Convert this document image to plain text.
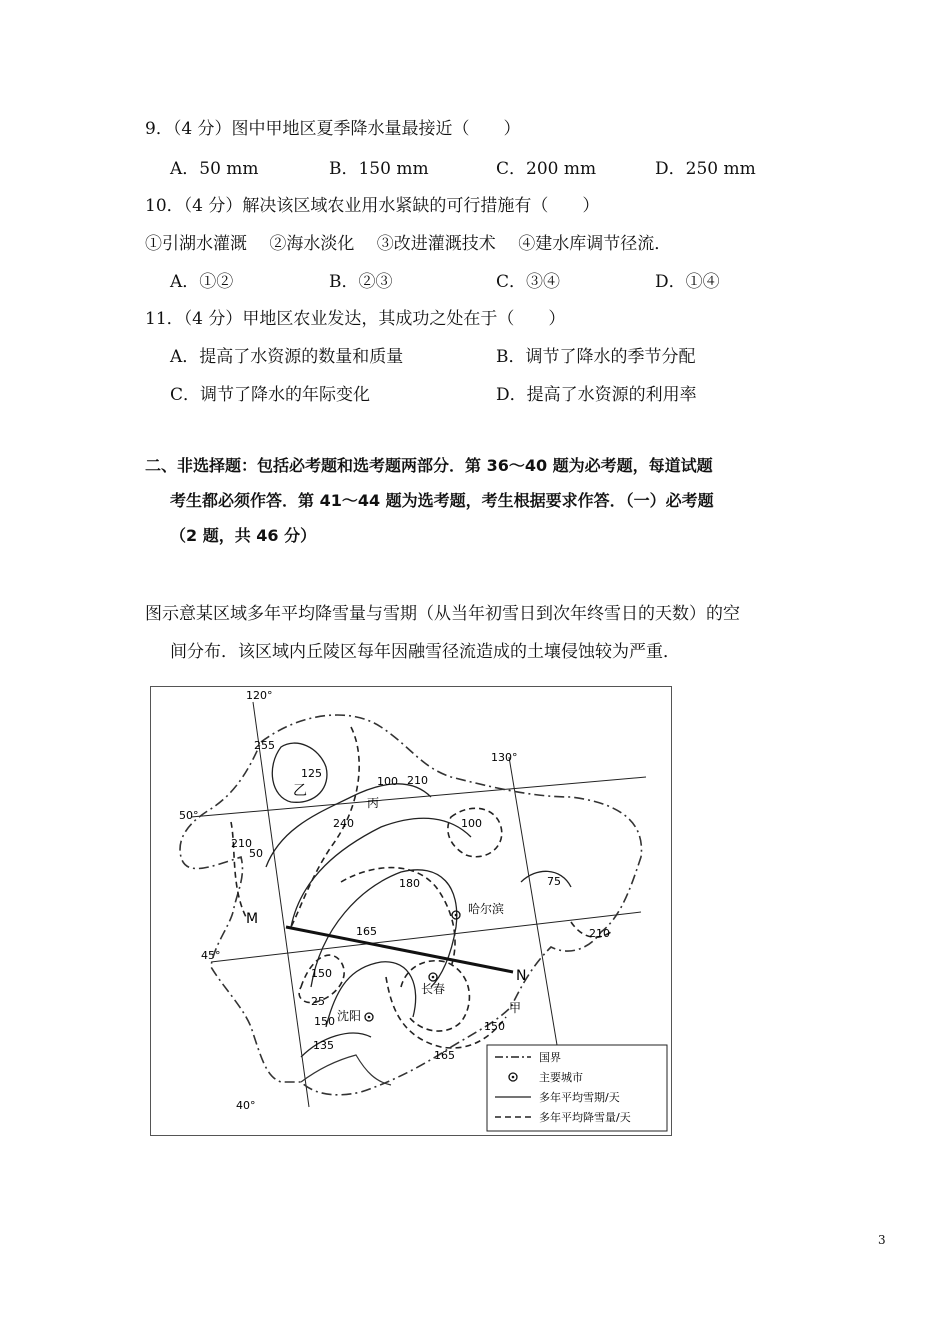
9．（4 分）图中甲地区夏季降水量最接近（　　）
A．50 mm	B．150 mm	C．200 mm	D．250 mm
10．（4 分）解决该区域农业用水紧缺的可行措施有（　　）
①引湖水灌溉　 ②海水淡化　 ③改进灌溉技术　 ④建水库调节径流．
A．①②	B．②③	C．③④	D．①④
11．（4 分）甲地区农业发达，其成功之处在于（　　）
A．提高了水资源的数量和质量	B．调节了降水的季节分配
C．调节了降水的年际变化	D．提高了水资源的利用率
二、非选择题：包括必考题和选考题两部分．第 36～40 题为必考题，每道试题
考生都必须作答．第 41～44 题为选考题，考生根据要求作答．（一）必考题
（2 题，共 46 分）
图示意某区域多年平均降雪量与雪期（从当年初雪日到次年终雪日的天数）的空
间分布．该区域内丘陵区每年因融雪径流造成的土壤侵蚀较为严重．
120°
130°
50°
45°
40°
乙
丙
哈尔滨
长春
沈阳
甲
M
N
255
125
240
210
165
150
135
75
100
210
50
180
100
150
25
165
150
210
国界
主要城市
多年平均雪期/天
多年平均降雪量/天
3
